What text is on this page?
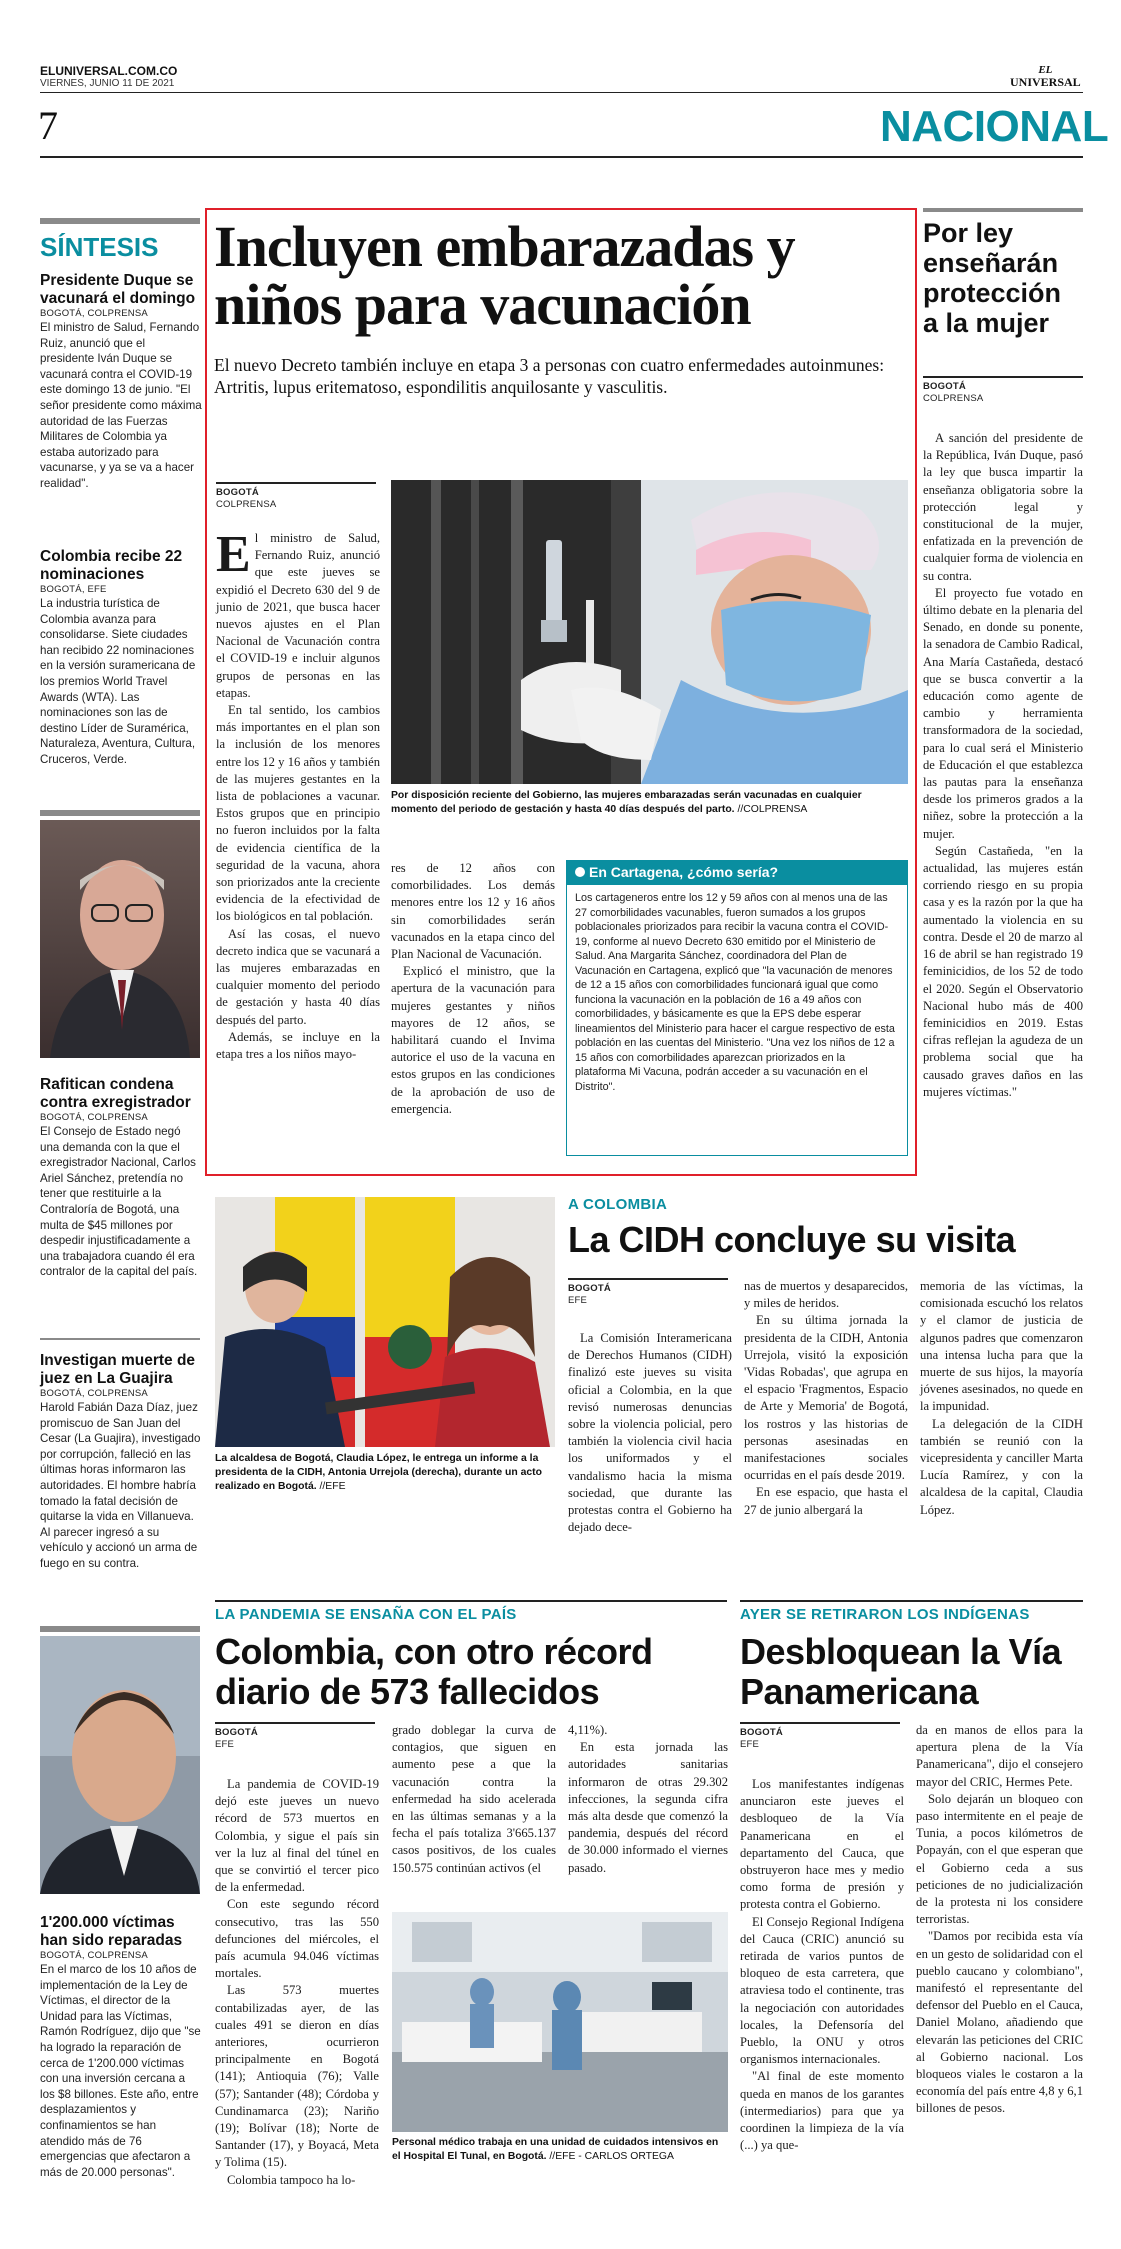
ELUNIVERSAL.COM.CO
VIERNES, JUNIO 11 DE 2021
7
EL
UNIVERSAL
NACIONAL
SÍNTESIS
Presidente Duque se vacunará el domingo
BOGOTÁ, COLPRENSA
El ministro de Salud, Fernando Ruiz, anunció que el presidente Iván Duque se vacunará contra el COVID-19 este domingo 13 de junio. "El señor presidente como máxima autoridad de las Fuerzas Militares de Colombia ya estaba autorizado para vacunarse, y ya se va a hacer realidad".
Colombia recibe 22 nominaciones
BOGOTÁ, EFE
La industria turística de Colombia avanza para consolidarse. Siete ciudades han recibido 22 nominaciones en la versión suramericana de los premios World Travel Awards (WTA). Las nominaciones son las de destino Líder de Suramérica, Naturaleza, Aventura, Cultura, Cruceros, Verde.
Rafitican condena contra exregistrador
BOGOTÁ, COLPRENSA
El Consejo de Estado negó una demanda con la que el exregistrador Nacional, Carlos Ariel Sánchez, pretendía no tener que restituirle a la Contraloría de Bogotá, una multa de $45 millones por despedir injustificadamente a una trabajadora cuando él era contralor de la capital del país.
Investigan muerte de juez en La Guajira
BOGOTÁ, COLPRENSA
Harold Fabián Daza Díaz, juez promiscuo de San Juan del Cesar (La Guajira), investigado por corrupción, falleció en las últimas horas informaron las autoridades. El hombre habría tomado la fatal decisión de quitarse la vida en Villanueva. Al parecer ingresó a su vehículo y accionó un arma de fuego en su contra.
1'200.000 víctimas han sido reparadas
BOGOTÁ, COLPRENSA
En el marco de los 10 años de implementación de la Ley de Víctimas, el director de la Unidad para las Víctimas, Ramón Rodríguez, dijo que "se ha logrado la reparación de cerca de 1'200.000 víctimas con una inversión cercana a los $8 billones. Este año, entre desplazamientos y confinamientos se han atendido más de 76 emergencias que afectaron a más de 20.000 personas".
Incluyen embarazadas y niños para vacunación
El nuevo Decreto también incluye en etapa 3 a personas con cuatro enfermedades autoinmunes: Artritis, lupus eritematoso, espondilitis anquilosante y vasculitis.
BOGOTÁ
COLPRENSA

El ministro de Salud, Fernando Ruiz, anunció que este jueves se expidió el Decreto 630 del 9 de junio de 2021, que busca hacer nuevos ajustes en el Plan Nacional de Vacunación contra el COVID-19 e incluir algunos grupos de personas en las etapas.

En tal sentido, los cambios más importantes en el plan son la inclusión de los menores entre los 12 y 16 años y también de las mujeres gestantes en la lista de poblaciones a vacunar. Estos grupos que en principio no fueron incluidos por la falta de evidencia científica de la seguridad de la vacuna, ahora son priorizados ante la creciente evidencia de la efectividad de los biológicos en tal población.

Así las cosas, el nuevo decreto indica que se vacunará a las mujeres embarazadas en cualquier momento del periodo de gestación y hasta 40 días después del parto.

Además, se incluye en la etapa tres a los niños mayo-

Por disposición reciente del Gobierno, las mujeres embarazadas serán vacunadas en cualquier momento del periodo de gestación y hasta 40 días después del parto. //COLPRENSA

res de 12 años con comorbilidades. Los demás menores entre los 12 y 16 años sin comorbilidades serán vacunados en la etapa cinco del Plan Nacional de Vacunación.

Explicó el ministro, que la apertura de la vacunación para mujeres gestantes y niños mayores de 12 años, se habilitará cuando el Invima autorice el uso de la vacuna en estos grupos en las condiciones de la aprobación de uso de emergencia.

En Cartagena, ¿cómo sería?
Los cartageneros entre los 12 y 59 años con al menos una de las 27 comorbilidades vacunables, fueron sumados a los grupos poblacionales priorizados para recibir la vacuna contra el COVID-19, conforme al nuevo Decreto 630 emitido por el Ministerio de Salud. Ana Margarita Sánchez, coordinadora del Plan de Vacunación en Cartagena, explicó que "la vacunación de menores de 12 a 15 años con comorbilidades funcionará igual que como funciona la vacunación en la población de 16 a 49 años con comorbilidades, y básicamente es que la EPS debe esperar lineamientos del Ministerio para hacer el cargue respectivo de esta población en las cuentas del Ministerio. "Una vez los niños de 12 a 15 años con comorbilidades aparezcan priorizados en la plataforma Mi Vacuna, podrán acceder a su vacunación en el Distrito".
Por ley enseñarán protección a la mujer
BOGOTÁ
COLPRENSA

A sanción del presidente de la República, Iván Duque, pasó la ley que busca impartir la enseñanza obligatoria sobre la protección legal y constitucional de la mujer, enfatizada en la prevención de cualquier forma de violencia en su contra.

El proyecto fue votado en último debate en la plenaria del Senado, en donde su ponente, la senadora de Cambio Radical, Ana María Castañeda, destacó que se busca convertir a la educación como agente de cambio y herramienta transformadora de la sociedad, para lo cual será el Ministerio de Educación el que establezca las pautas para la enseñanza desde los primeros grados a la niñez, sobre la protección a la mujer.

Según Castañeda, "en la actualidad, las mujeres están corriendo riesgo en su propia casa y es la razón por la que ha aumentado la violencia en su contra. Desde el 20 de marzo al 16 de abril se han registrado 19 feminicidios, de los 52 de todo el 2020. Según el Observatorio Nacional hubo más de 400 feminicidios en 2019. Estas cifras reflejan la agudeza de un problema social que ha causado graves daños en las mujeres víctimas."

La alcaldesa de Bogotá, Claudia López, le entrega un informe a la presidenta de la CIDH, Antonia Urrejola (derecha), durante un acto realizado en Bogotá. //EFE
A COLOMBIA
La CIDH concluye su visita
BOGOTÁ
EFE

La Comisión Interamericana de Derechos Humanos (CIDH) finalizó este jueves su visita oficial a Colombia, en la que revisó numerosas denuncias sobre la violencia policial, pero también la violencia civil hacia los uniformados y el vandalismo hacia la misma sociedad, que durante las protestas contra el Gobierno ha dejado dece-

nas de muertos y desaparecidos, y miles de heridos.

En su última jornada la presidenta de la CIDH, Antonia Urrejola, visitó la exposición 'Vidas Robadas', que agrupa en el espacio 'Fragmentos, Espacio de Arte y Memoria' de Bogotá, los rostros y las historias de personas asesinadas en manifestaciones sociales ocurridas en el país desde 2019.

En ese espacio, que hasta el 27 de junio albergará la

memoria de las víctimas, la comisionada escuchó los relatos y el clamor de justicia de algunos padres que comenzaron una intensa lucha para que la muerte de sus hijos, la mayoría jóvenes asesinados, no quede en la impunidad.

La delegación de la CIDH también se reunió con la vicepresidenta y canciller Marta Lucía Ramírez, y con la alcaldesa de la capital, Claudia López.

LA PANDEMIA SE ENSAÑA CON EL PAÍS
Colombia, con otro récord diario de 573 fallecidos
BOGOTÁ
EFE

La pandemia de COVID-19 dejó este jueves un nuevo récord de 573 muertos en Colombia, y sigue el país sin ver la luz al final del túnel en que se convirtió el tercer pico de la enfermedad.

Con este segundo récord consecutivo, tras las 550 defunciones del miércoles, el país acumula 94.046 víctimas mortales.

Las 573 muertes contabilizadas ayer, de las cuales 491 se dieron en días anteriores, ocurrieron principalmente en Bogotá (141); Antioquia (76); Valle (57); Santander (48); Córdoba y Cundinamarca (23); Nariño (19); Bolívar (18); Norte de Santander (17), y Boyacá, Meta y Tolima (15).

Colombia tampoco ha lo-

grado doblegar la curva de contagios, que siguen en aumento pese a que la vacunación contra la enfermedad ha sido acelerada en las últimas semanas y a la fecha el país totaliza 3'665.137 casos positivos, de los cuales 150.575 continúan activos (el

4,11%).

En esta jornada las autoridades sanitarias informaron de otras 29.302 infecciones, la segunda cifra más alta desde que comenzó la pandemia, después del récord de 30.000 informado el viernes pasado.

Personal médico trabaja en una unidad de cuidados intensivos en el Hospital El Tunal, en Bogotá. //EFE - CARLOS ORTEGA
AYER SE RETIRARON LOS INDÍGENAS
Desbloquean la Vía Panamericana
BOGOTÁ
EFE

Los manifestantes indígenas anunciaron este jueves el desbloqueo de la Vía Panamericana en el departamento del Cauca, que obstruyeron hace mes y medio como forma de presión y protesta contra el Gobierno.

El Consejo Regional Indígena del Cauca (CRIC) anunció su retirada de varios puntos de bloqueo de esta carretera, que atraviesa todo el continente, tras la negociación con autoridades locales, la Defensoría del Pueblo, la ONU y otros organismos internacionales.

"Al final de este momento queda en manos de los garantes (intermediarios) para que ya coordinen la limpieza de la vía (...) ya que-

da en manos de ellos para la apertura plena de la Vía Panamericana", dijo el consejero mayor del CRIC, Hermes Pete.

Solo dejarán un bloqueo con paso intermitente en el peaje de Tunia, a pocos kilómetros de Popayán, con el que esperan que el Gobierno ceda a sus peticiones de no judicialización de la protesta ni los considere terroristas.

"Damos por recibida esta vía en un gesto de solidaridad con el pueblo caucano y colombiano", manifestó el representante del defensor del Pueblo en el Cauca, Daniel Molano, añadiendo que elevarán las peticiones del CRIC al Gobierno nacional. Los bloqueos viales le costaron a la economía del país entre 4,8 y 6,1 billones de pesos.
